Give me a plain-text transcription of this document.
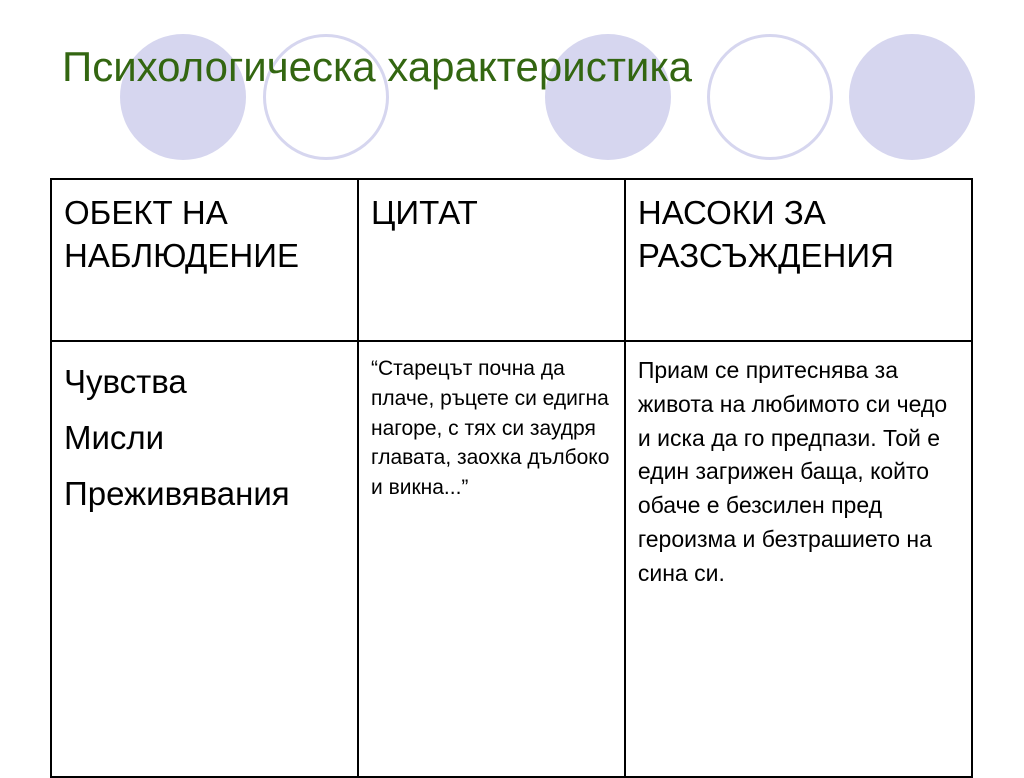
Психологическа характеристика
ОБЕКТ НА НАБЛЮДЕНИЕ	ЦИТАТ	НАСОКИ ЗА РАЗСЪЖДЕНИЯ

Чувства
Мисли
Преживявания	“Старецът почна да плаче, ръцете си едигна нагоре, с тях си заудря главата, заохка дълбоко и викна...”	Приам се притеснява за живота на любимото си чедо и иска да го предпази. Той е един загрижен баща, който обаче е безсилен пред героизма и безтрашието на сина си.
